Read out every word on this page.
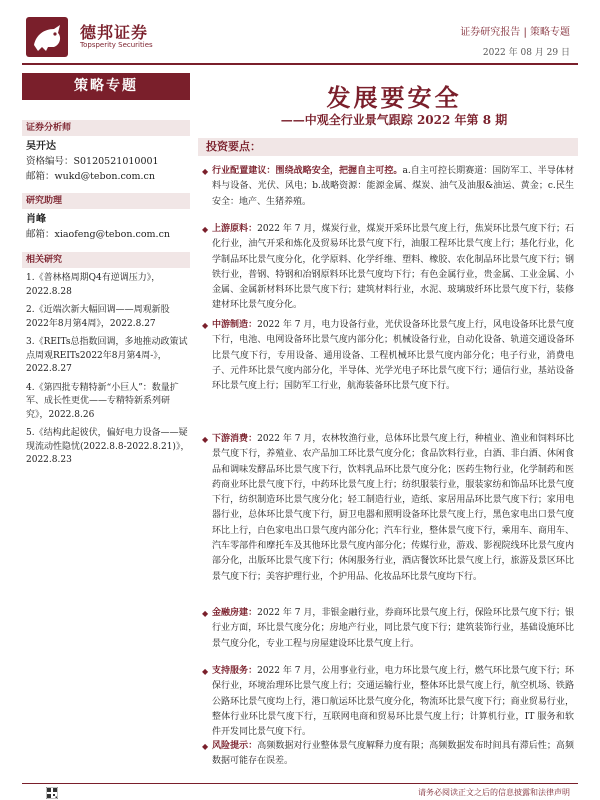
德邦证券
Topsperity Securities
证券研究报告 | 策略专题
2022 年 08 月 29 日
策略专题
证券分析师
吴开达
资格编号：S0120521010001
邮箱：wukd@tebon.com.cn
研究助理
肖峰
邮箱：xiaofeng@tebon.com.cn
相关研究
1.《普林格周期Q4有逆调压力》，2022.8.28
2.《近端次新大幅回调——周观新股2022年8月第4周》，2022.8.27
3.《REITs总指数回调，多地推动政策试点周观REITs2022年8月第4周-》，2022.8.27
4.《第四批专精特新“小巨人”：数量扩军、成长性更优——专精特新系列研究》，2022.8.26
5.《结构此起彼伏，偏好电力设备——疑现流动性隐忧(2022.8.8-2022.8.21)》，2022.8.23
发展要安全
——中观全行业景气跟踪 2022 年第 8 期
投资要点：
◆ 行业配置建议：围绕战略安全，把握自主可控。a.自主可控长期赛道：国防军工、半导体材料与设备、光伏、风电；b.战略资源：能源金属、煤炭、油气及油服&油运、黄金；c.民生安全：地产、生猪养殖。
◆ 上游原料：2022 年 7 月，煤炭行业，煤炭开采环比景气度上行，焦炭环比景气度下行；石化行业，油气开采和炼化及贸易环比景气度下行，油服工程环比景气度上行；基化行业，化学制品环比景气度分化，化学原料、化学纤维、塑料、橡胶、农化制品环比景气度下行；钢铁行业，普钢、特钢和冶钢原料环比景气度均下行；有色金属行业，贵金属、工业金属、小金属、金属新材料环比景气度下行；建筑材料行业，水泥、玻璃玻纤环比景气度下行，装修建材环比景气度分化。
◆ 中游制造：2022 年 7 月，电力设备行业，光伏设备环比景气度上行，风电设备环比景气度下行，电池、电网设备环比景气度内部分化；机械设备行业，自动化设备、轨道交通设备环比景气度下行，专用设备、通用设备、工程机械环比景气度内部分化；电子行业，消费电子、元件环比景气度内部分化，半导体、光学光电子环比景气度下行；通信行业，基站设备环比景气度上行；国防军工行业，航海装备环比景气度下行。
◆ 下游消费：2022 年 7 月，农林牧渔行业，总体环比景气度上行，种植业、渔业和饲料环比景气度下行，养殖业、农产品加工环比景气度分化；食品饮料行业，白酒、非白酒、休闲食品和调味发酵品环比景气度下行，饮料乳品环比景气度分化；医药生物行业，化学制药和医药商业环比景气度下行，中药环比景气度上行；纺织服装行业，服装家纺和饰品环比景气度下行，纺织制造环比景气度分化；轻工制造行业，造纸、家居用品环比景气度下行；家用电器行业，总体环比景气度下行，厨卫电器和照明设备环比景气度上行，黑色家电出口景气度环比上行，白色家电出口景气度内部分化；汽车行业，整体景气度下行，乘用车、商用车、汽车零部件和摩托车及其他环比景气度内部分化；传媒行业，游戏、影视院线环比景气度内部分化，出版环比景气度下行；休闲服务行业，酒店餐饮环比景气度上行，旅游及景区环比景气度下行；美容护理行业，个护用品、化妆品环比景气度均下行。
◆ 金融房建：2022 年 7 月，非银金融行业，券商环比景气度上行，保险环比景气度下行；银行业方面，环比景气度分化；房地产行业，同比景气度下行；建筑装饰行业，基础设施环比景气度分化，专业工程与房屋建设环比景气度上行。
◆ 支持服务：2022 年 7 月，公用事业行业，电力环比景气度上行，燃气环比景气度下行；环保行业，环境治理环比景气度上行；交通运输行业，整体环比景气度上行，航空机场、铁路公路环比景气度均上行，港口航运环比景气度分化，物流环比景气度下行；商业贸易行业，整体行业环比景气度下行，互联网电商和贸易环比景气度上行；计算机行业，IT 服务和软件开发同比景气度下行。
◆ 风险提示：高频数据对行业整体景气度解释力度有限；高频数据发布时间具有滞后性；高频数据可能存在误差。
请务必阅读正文之后的信息披露和法律声明
